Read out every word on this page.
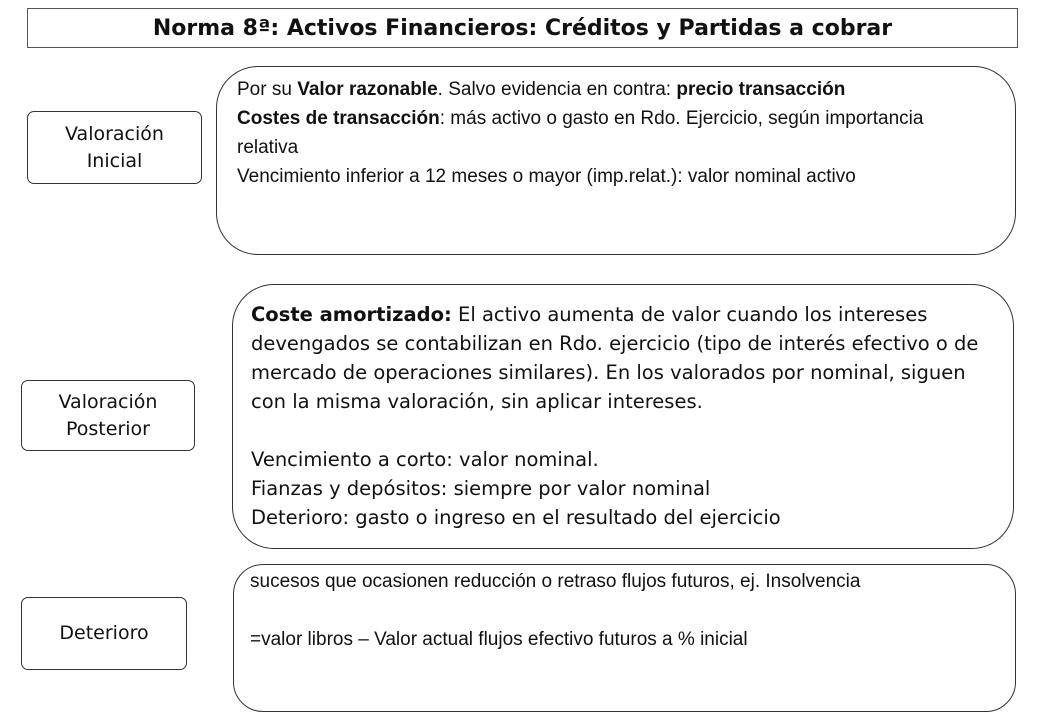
Norma 8ª: Activos Financieros: Créditos y Partidas a cobrar
Valoración
Inicial
Por su Valor razonable. Salvo evidencia en contra: precio transacción
Costes de transacción: más activo o gasto en Rdo. Ejercicio, según importancia relativa
Vencimiento inferior a 12 meses o mayor (imp.relat.): valor nominal activo
Valoración
Posterior
Coste amortizado: El activo aumenta de valor cuando los intereses devengados se contabilizan en Rdo. ejercicio (tipo de interés efectivo o de mercado de operaciones similares). En los valorados por nominal, siguen con la misma valoración, sin aplicar intereses.
Vencimiento a corto: valor nominal.
Fianzas y depósitos: siempre por valor nominal
Deterioro: gasto o ingreso en el resultado del ejercicio
Deterioro
sucesos que ocasionen reducción o retraso flujos futuros, ej. Insolvencia
=valor libros – Valor actual flujos efectivo futuros a % inicial
